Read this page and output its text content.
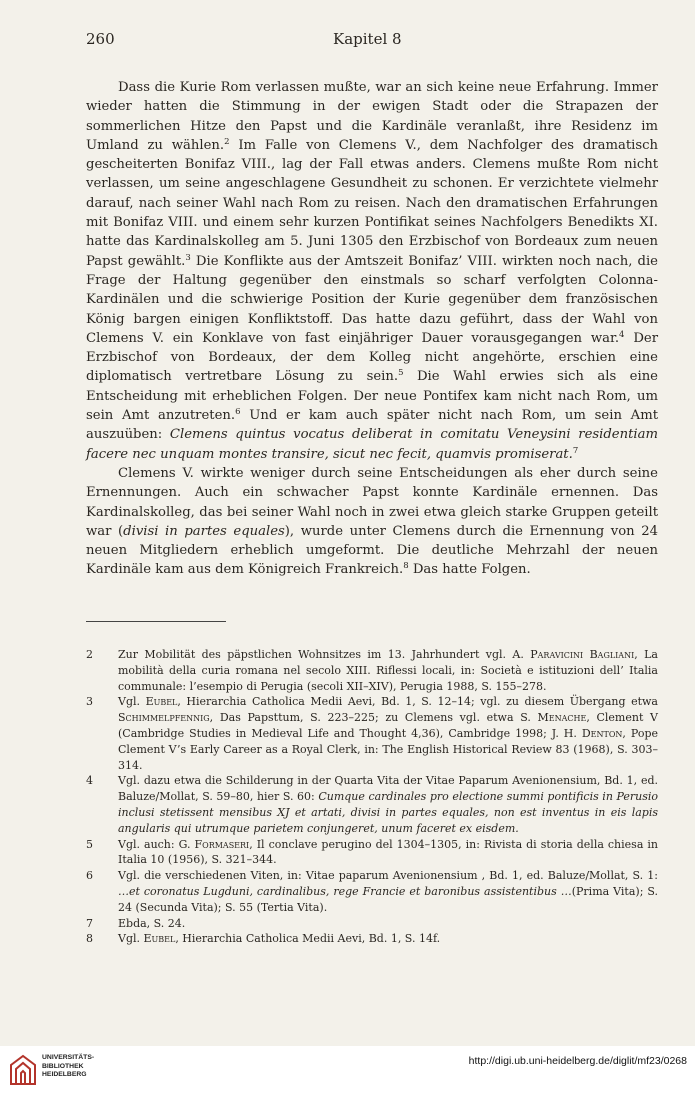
260	Kapitel 8

Dass die Kurie Rom verlassen mußte, war an sich keine neue Erfahrung. Immer wieder hatten die Stimmung in der ewigen Stadt oder die Strapazen der sommerlichen Hitze den Papst und die Kardinäle veranlaßt, ihre Residenz im Umland zu wählen.$^2$ Im Falle von Clemens V., dem Nachfolger des dramatisch gescheiterten Bonifaz VIII., lag der Fall etwas anders. Clemens mußte Rom nicht verlassen, um seine angeschlagene Gesundheit zu schonen. Er verzichtete vielmehr darauf, nach seiner Wahl nach Rom zu reisen. Nach den dramatischen Erfahrungen mit Bonifaz VIII. und einem sehr kurzen Pontifikat seines Nachfolgers Benedikts XI. hatte das Kardinalskolleg am 5. Juni 1305 den Erzbischof von Bordeaux zum neuen Papst gewählt.$^3$ Die Konflikte aus der Amtszeit Bonifaz’ VIII. wirkten noch nach, die Frage der Haltung gegenüber den einstmals so scharf verfolgten Colonna-Kardinälen und die schwierige Position der Kurie gegenüber dem französischen König bargen einigen Konfliktstoff. Das hatte dazu geführt, dass der Wahl von Clemens V. ein Konklave von fast einjähriger Dauer vorausgegangen war.$^4$ Der Erzbischof von Bordeaux, der dem Kolleg nicht angehörte, erschien eine diplomatisch vertretbare Lösung zu sein.$^5$ Die Wahl erwies sich als eine Entscheidung mit erheblichen Folgen. Der neue Pontifex kam nicht nach Rom, um sein Amt anzutreten.$^6$ Und er kam auch später nicht nach Rom, um sein Amt auszuüben: Clemens quintus vocatus deliberat in comitatu Veneysini residentiam facere nec unquam montes transire, sicut nec fecit, quamvis promiserat.$^7$

Clemens V. wirkte weniger durch seine Entscheidungen als eher durch seine Ernennungen. Auch ein schwacher Papst konnte Kardinäle ernennen. Das Kardinalskolleg, das bei seiner Wahl noch in zwei etwa gleich starke Gruppen geteilt war (divisi in partes equales), wurde unter Clemens durch die Ernennung von 24 neuen Mitgliedern erheblich umgeformt. Die deutliche Mehrzahl der neuen Kardinäle kam aus dem Königreich Frankreich.$^8$ Das hatte Folgen.

2 Zur Mobilität des päpstlichen Wohnsitzes im 13. Jahrhundert vgl. A. Paravicini Bagliani, La mobilità della curia romana nel secolo XIII. Riflessi locali, in: Società e istituzioni dell’ Italia communale: l’esempio di Perugia (secoli XII–XIV), Perugia 1988, S. 155–278.
3 Vgl. Eubel, Hierarchia Catholica Medii Aevi, Bd. 1, S. 12–14; vgl. zu diesem Übergang etwa Schimmelpfennig, Das Papsttum, S. 223–225; zu Clemens vgl. etwa S. Menache, Clement V (Cambridge Studies in Medieval Life and Thought 4,36), Cambridge 1998; J. H. Denton, Pope Clement V’s Early Career as a Royal Clerk, in: The English Historical Review 83 (1968), S. 303–314.
4 Vgl. dazu etwa die Schilderung in der Quarta Vita der Vitae Paparum Avenionensium, Bd. 1, ed. Baluze/Mollat, S. 59–80, hier S. 60: Cumque cardinales pro electione summi pontificis in Perusio inclusi stetissent mensibus XJ et artati, divisi in partes equales, non est inventus in eis lapis angularis qui utrumque parietem conjungeret, unum faceret ex eisdem.
5 Vgl. auch: G. Formaseri, Il conclave perugino del 1304–1305, in: Rivista di storia della chiesa in Italia 10 (1956), S. 321–344.
6 Vgl. die verschiedenen Viten, in: Vitae paparum Avenionensium , Bd. 1, ed. Baluze/Mollat, S. 1: …et coronatus Lugduni, cardinalibus, rege Francie et baronibus assistentibus …(Prima Vita); S. 24 (Secunda Vita); S. 55 (Tertia Vita).
7 Ebda, S. 24.
8 Vgl. Eubel, Hierarchia Catholica Medii Aevi, Bd. 1, S. 14f.
UNIVERSITÄTS-
BIBLIOTHEK
HEIDELBERG
http://digi.ub.uni-heidelberg.de/diglit/mf23/0268
